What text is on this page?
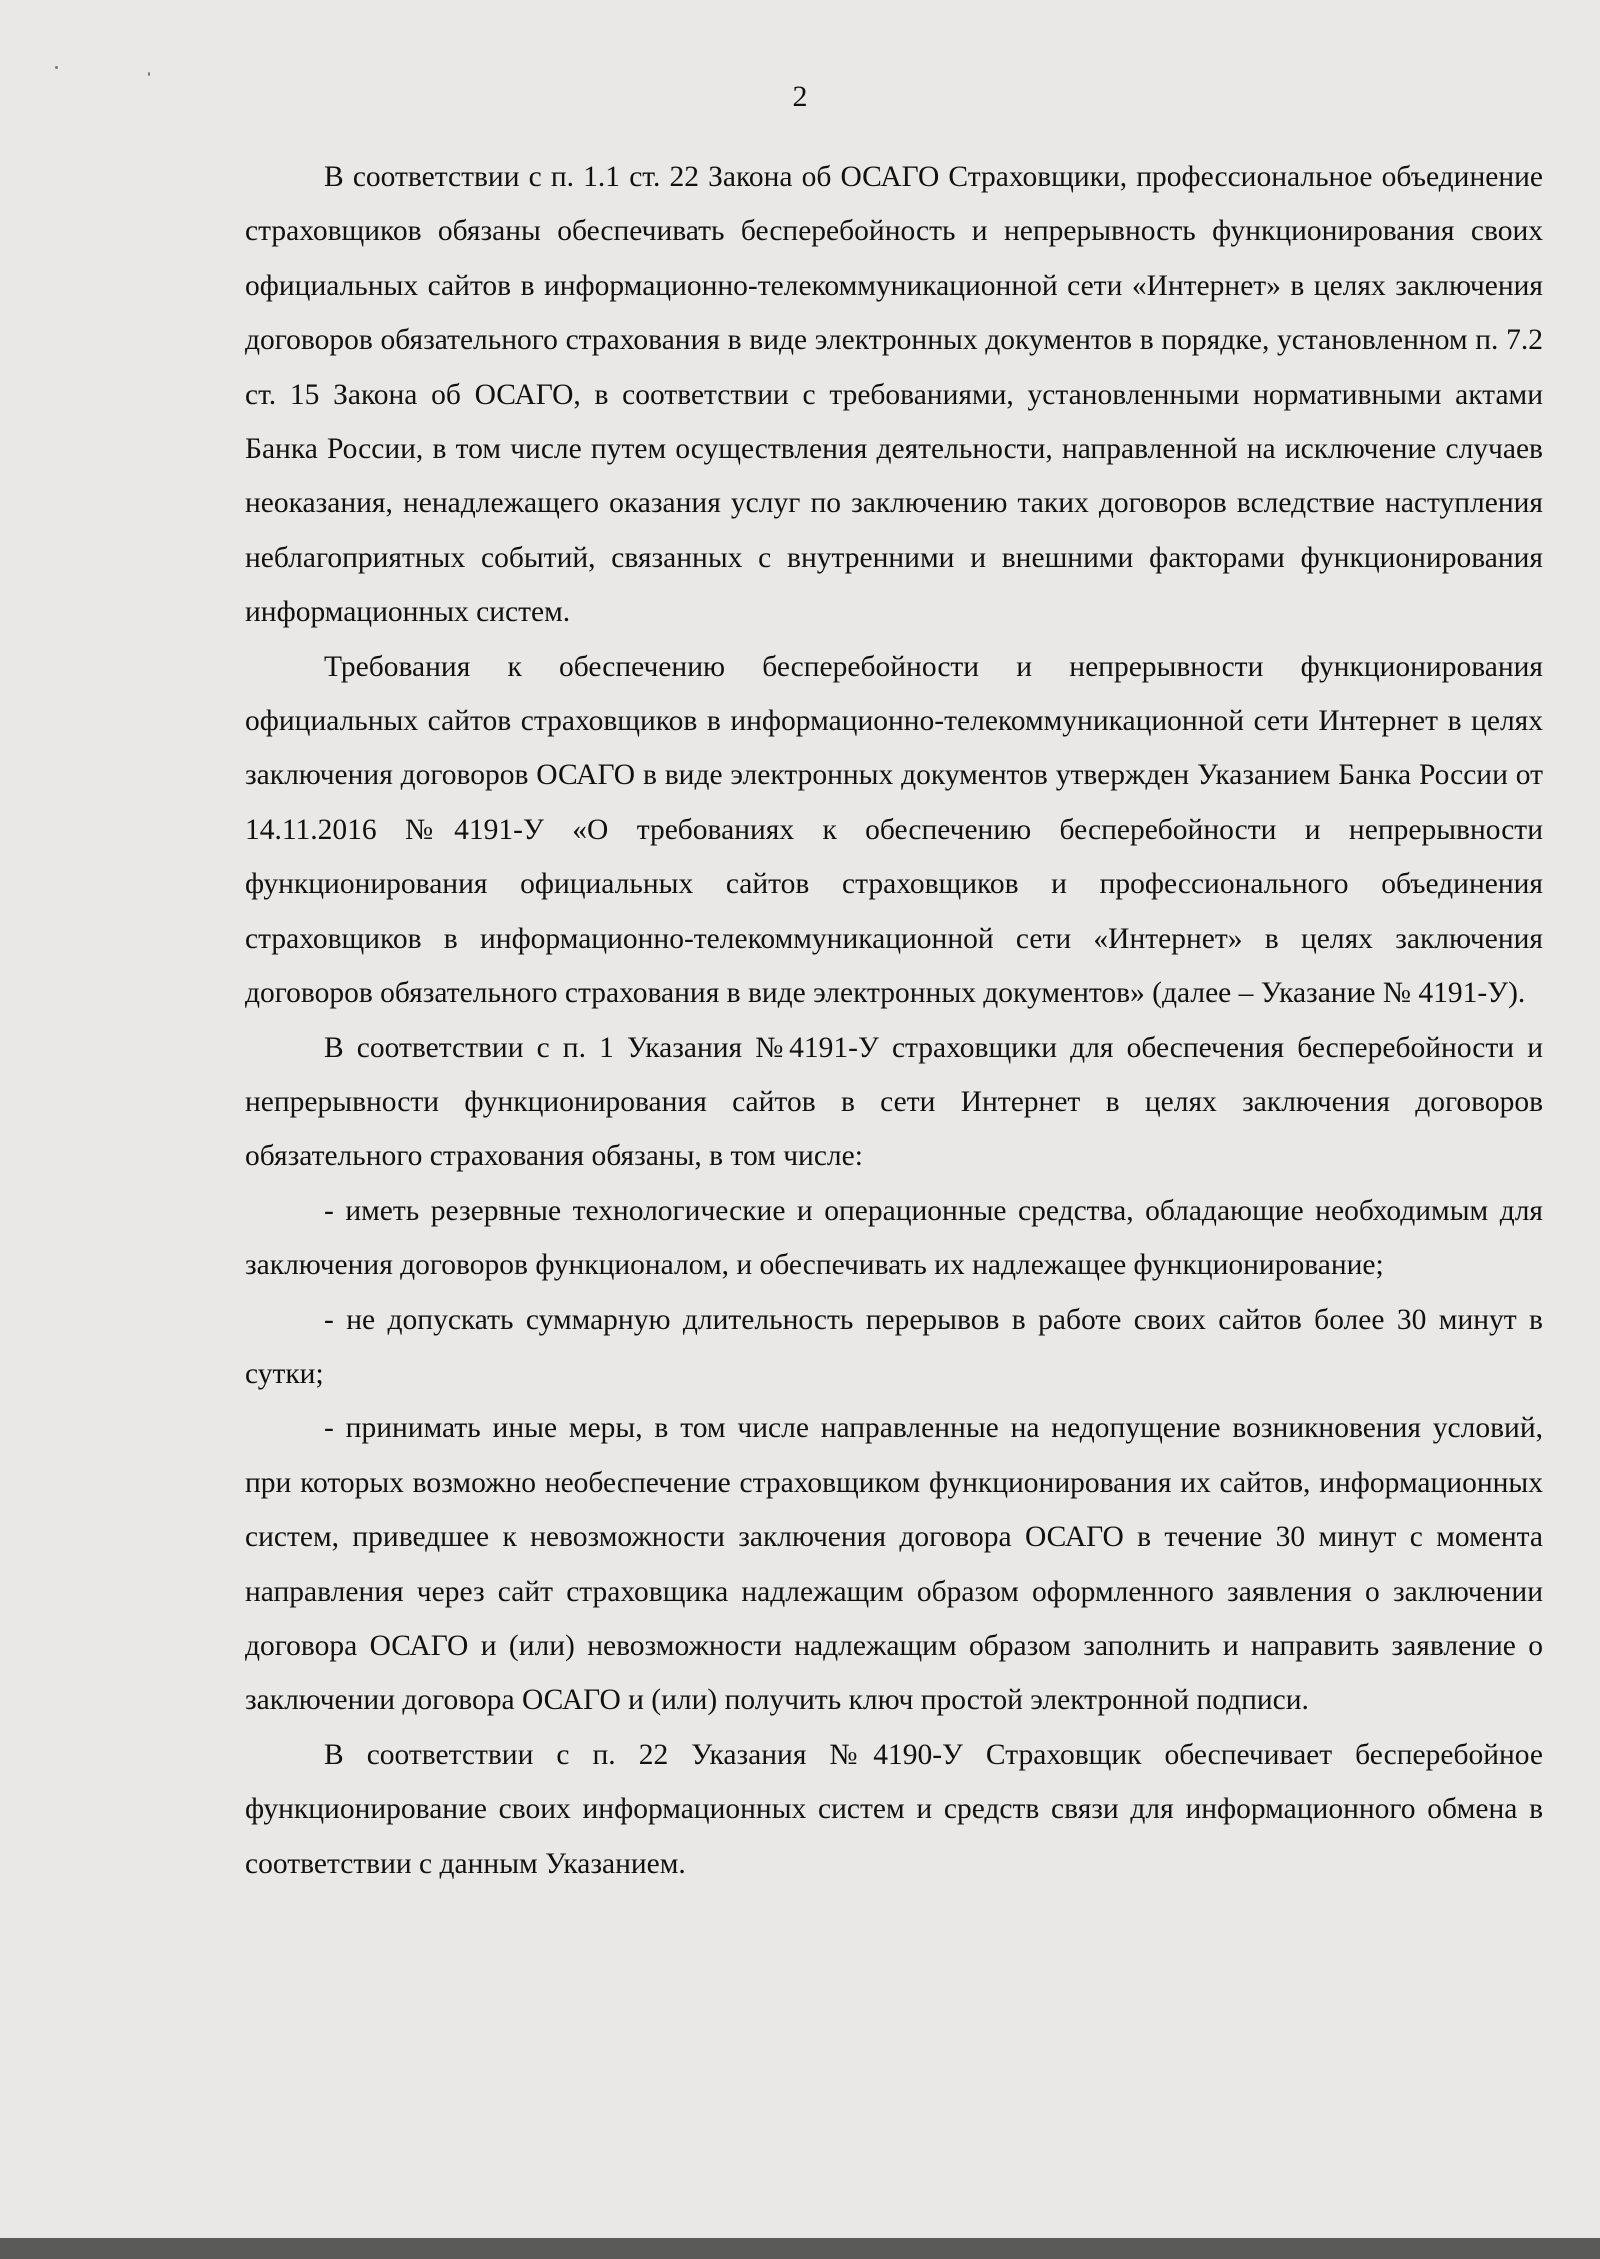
2

В соответствии с п. 1.1 ст. 22 Закона об ОСАГО Страховщики, профессиональное объединение страховщиков обязаны обеспечивать бесперебойность и непрерывность функционирования своих официальных сайтов в информационно-телекоммуникационной сети «Интернет» в целях заключения договоров обязательного страхования в виде электронных документов в порядке, установленном п. 7.2 ст. 15 Закона об ОСАГО, в соответствии с требованиями, установленными нормативными актами Банка России, в том числе путем осуществления деятельности, направленной на исключение случаев неоказания, ненадлежащего оказания услуг по заключению таких договоров вследствие наступления неблагоприятных событий, связанных с внутренними и внешними факторами функционирования информационных систем.

Требования к обеспечению бесперебойности и непрерывности функционирования официальных сайтов страховщиков в информационно-телекоммуникационной сети Интернет в целях заключения договоров ОСАГО в виде электронных документов утвержден Указанием Банка России от 14.11.2016 №4191-У «О требованиях к обеспечению бесперебойности и непрерывности функционирования официальных сайтов страховщиков и профессионального объединения страховщиков в информационно-телекоммуникационной сети «Интернет» в целях заключения договоров обязательного страхования в виде электронных документов» (далее – Указание № 4191-У).

В соответствии с п. 1 Указания №4191-У страховщики для обеспечения бесперебойности и непрерывности функционирования сайтов в сети Интернет в целях заключения договоров обязательного страхования обязаны, в том числе:

- иметь резервные технологические и операционные средства, обладающие необходимым для заключения договоров функционалом, и обеспечивать их надлежащее функционирование;

- не допускать суммарную длительность перерывов в работе своих сайтов более 30 минут в сутки;

- принимать иные меры, в том числе направленные на недопущение возникновения условий, при которых возможно необеспечение страховщиком функционирования их сайтов, информационных систем, приведшее к невозможности заключения договора ОСАГО в течение 30 минут с момента направления через сайт страховщика надлежащим образом оформленного заявления о заключении договора ОСАГО и (или) невозможности надлежащим образом заполнить и направить заявление о заключении договора ОСАГО и (или) получить ключ простой электронной подписи.

В соответствии с п. 22 Указания №4190-У Страховщик обеспечивает бесперебойное функционирование своих информационных систем и средств связи для информационного обмена в соответствии с данным Указанием.
